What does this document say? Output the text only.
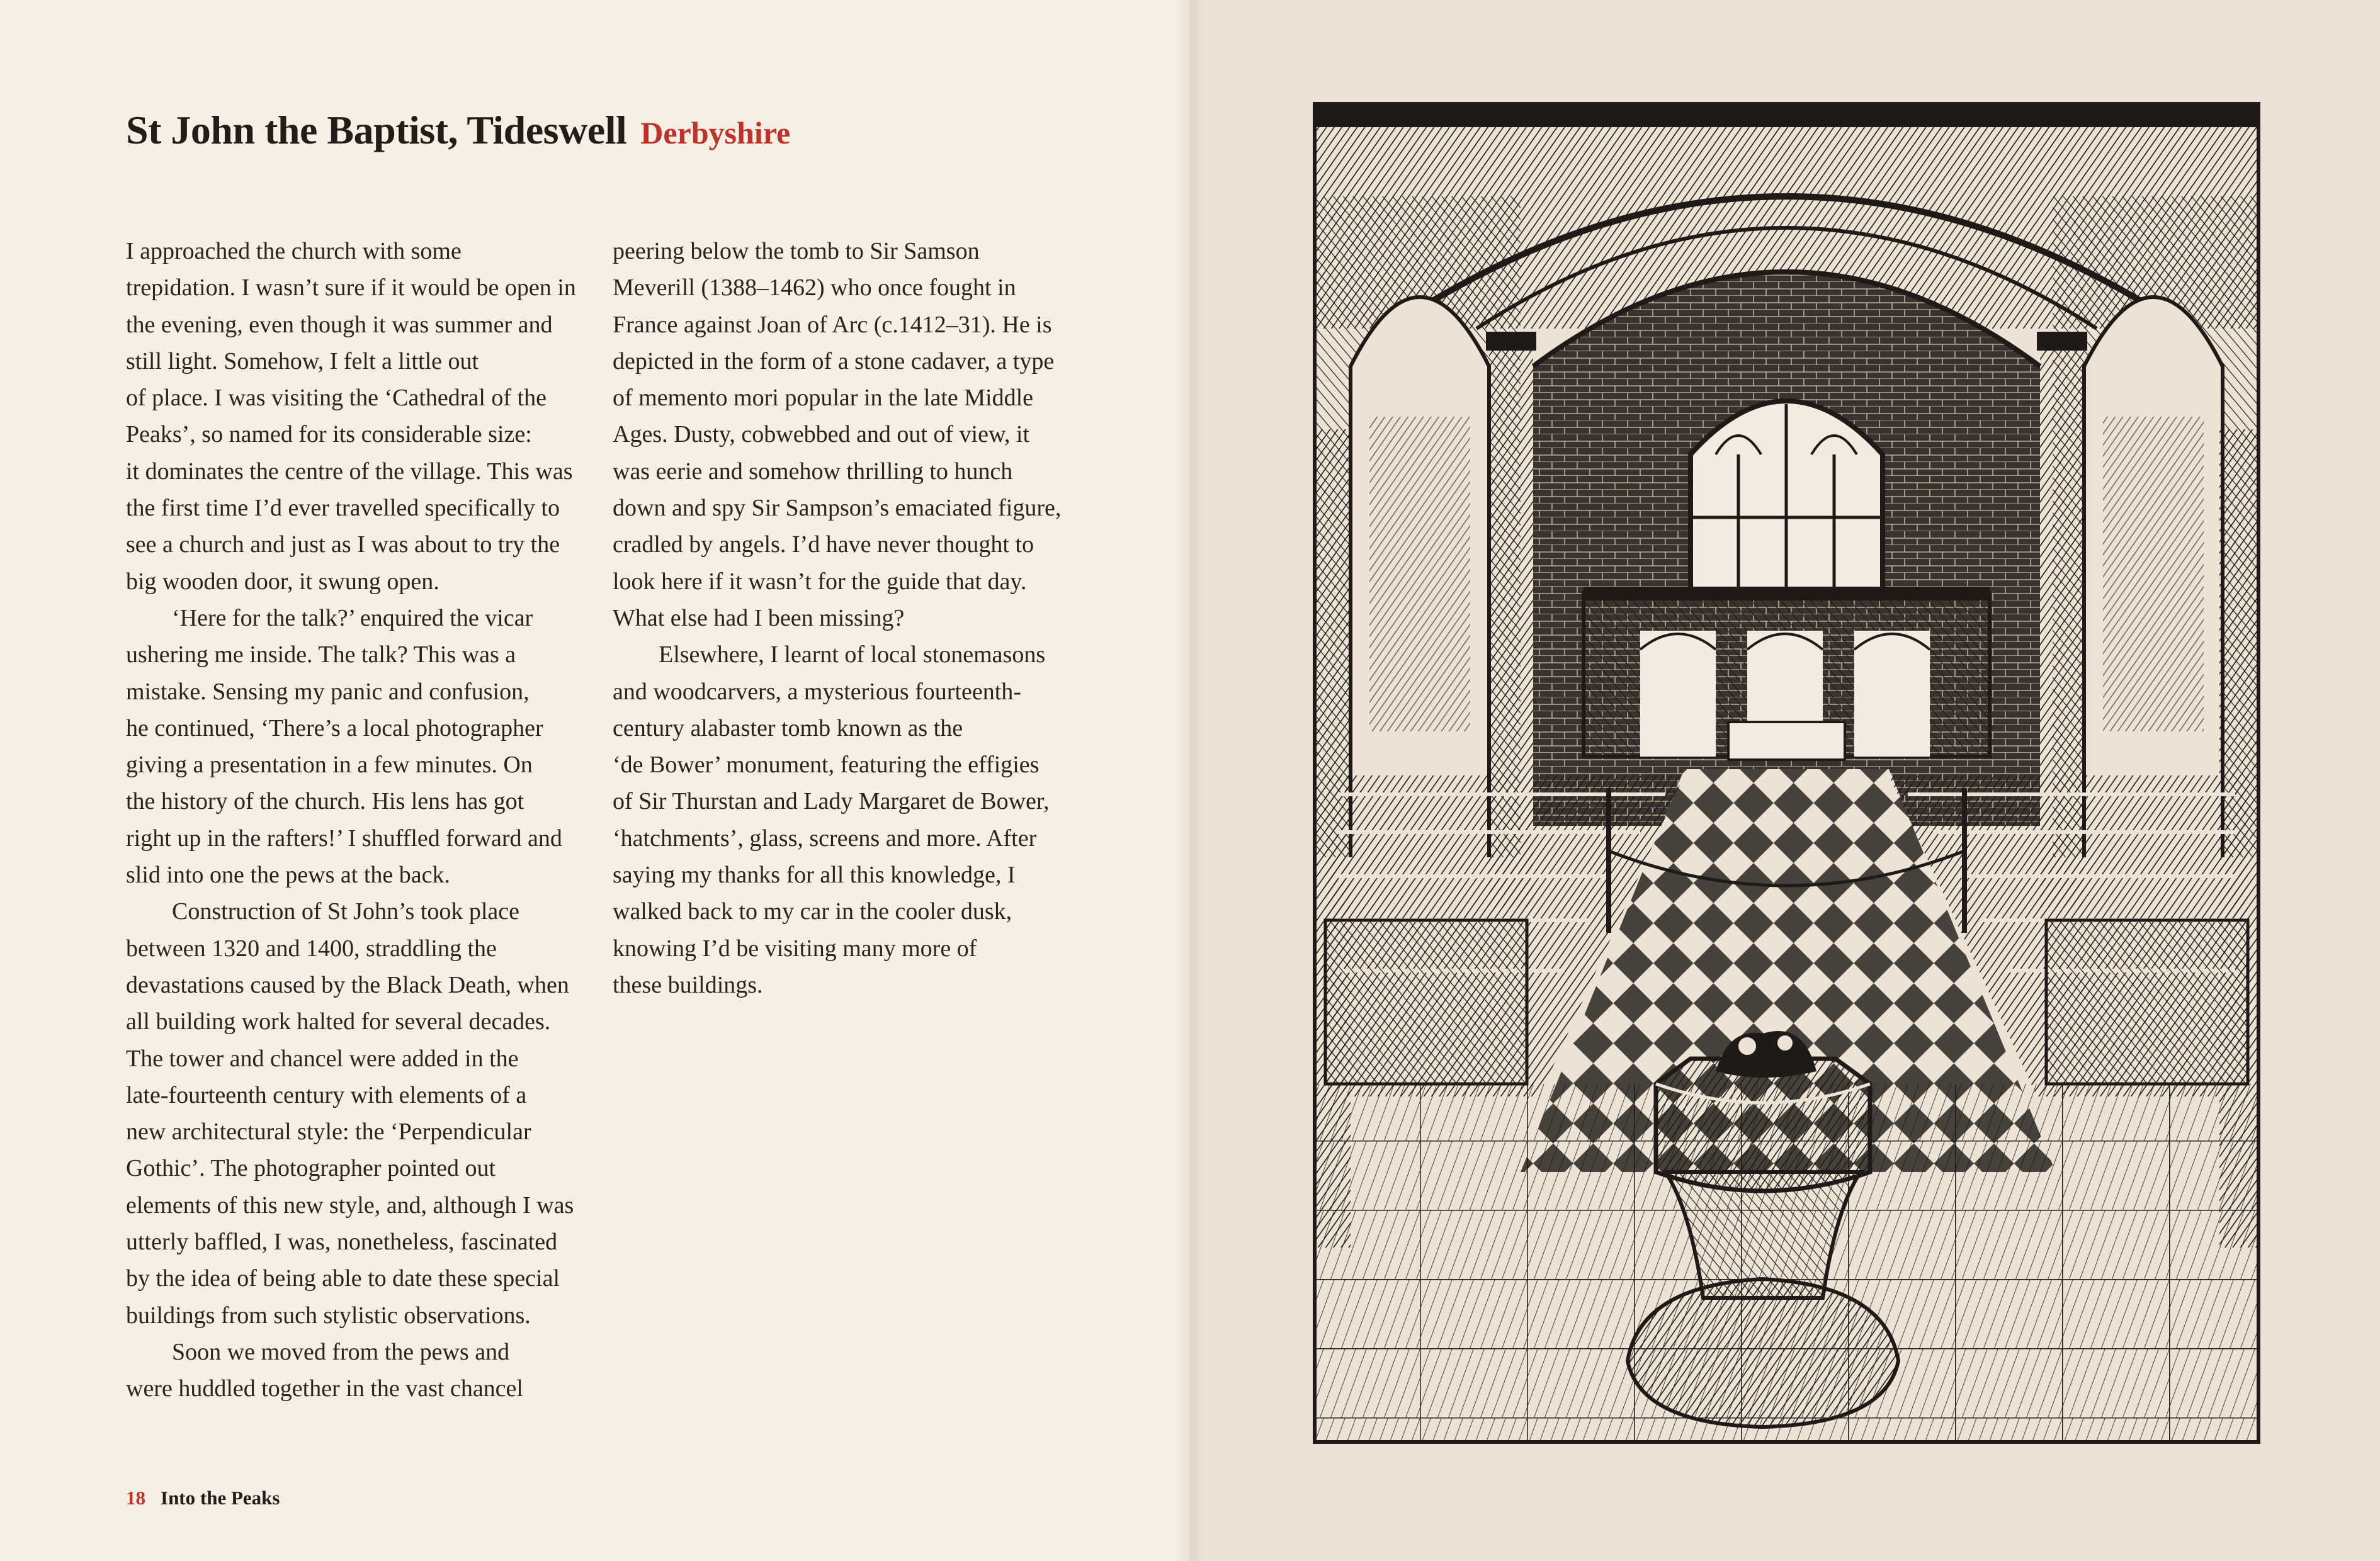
St John the Baptist, Tideswell Derbyshire

I approached the church with some
trepidation. I wasn’t sure if it would be open in
the evening, even though it was summer and
still light. Somehow, I felt a little out
of place. I was visiting the ‘Cathedral of the
Peaks’, so named for its considerable size:
it dominates the centre of the village. This was
the first time I’d ever travelled specifically to
see a church and just as I was about to try the
big wooden door, it swung open.

‘Here for the talk?’ enquired the vicar
ushering me inside. The talk? This was a
mistake. Sensing my panic and confusion,
he continued, ‘There’s a local photographer
giving a presentation in a few minutes. On
the history of the church. His lens has got
right up in the rafters!’ I shuffled forward and
slid into one the pews at the back.

Construction of St John’s took place
between 1320 and 1400, straddling the
devastations caused by the Black Death, when
all building work halted for several decades.
The tower and chancel were added in the
late-fourteenth century with elements of a
new architectural style: the ‘Perpendicular
Gothic’. The photographer pointed out
elements of this new style, and, although I was
utterly baffled, I was, nonetheless, fascinated
by the idea of being able to date these special
buildings from such stylistic observations.

Soon we moved from the pews and
were huddled together in the vast chancel

peering below the tomb to Sir Samson
Meverill (1388–1462) who once fought in
France against Joan of Arc (c.1412–31). He is
depicted in the form of a stone cadaver, a type
of memento mori popular in the late Middle
Ages. Dusty, cobwebbed and out of view, it
was eerie and somehow thrilling to hunch
down and spy Sir Sampson’s emaciated figure,
cradled by angels. I’d have never thought to
look here if it wasn’t for the guide that day.
What else had I been missing?

Elsewhere, I learnt of local stonemasons
and woodcarvers, a mysterious fourteenth-
century alabaster tomb known as the
‘de Bower’ monument, featuring the effigies
of Sir Thurstan and Lady Margaret de Bower,
‘hatchments’, glass, screens and more. After
saying my thanks for all this knowledge, I
walked back to my car in the cooler dusk,
knowing I’d be visiting many more of
these buildings.

18 Into the Peaks
